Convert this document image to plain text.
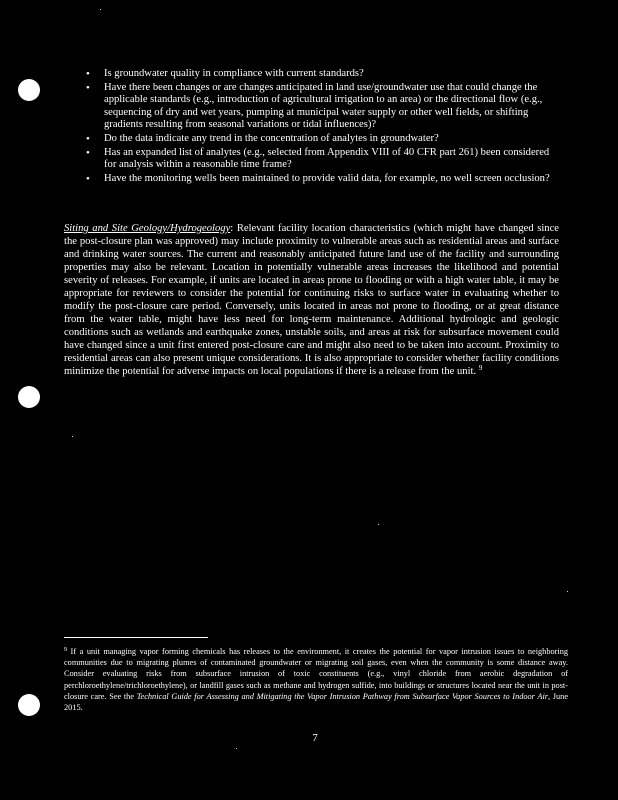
• Is groundwater quality in compliance with current standards?
• Have there been changes or are changes anticipated in land use/groundwater use that could change the applicable standards (e.g., introduction of agricultural irrigation to an area) or the directional flow (e.g., sequencing of dry and wet years, pumping at municipal water supply or other well fields, or shifting gradients resulting from seasonal variations or tidal influences)?
• Do the data indicate any trend in the concentration of analytes in groundwater?
• Has an expanded list of analytes (e.g., selected from Appendix VIII of 40 CFR part 261) been considered for analysis within a reasonable time frame?
• Have the monitoring wells been maintained to provide valid data, for example, no well screen occlusion?

Siting and Site Geology/Hydrogeology: Relevant facility location characteristics (which might have changed since the post-closure plan was approved) may include proximity to vulnerable areas such as residential areas and surface and drinking water sources. The current and reasonably anticipated future land use of the facility and surrounding properties may also be relevant. Location in potentially vulnerable areas increases the likelihood and potential severity of releases. For example, if units are located in areas prone to flooding or with a high water table, it may be appropriate for reviewers to consider the potential for continuing risks to surface water in evaluating whether to modify the post-closure care period. Conversely, units located in areas not prone to flooding, or at great distance from the water table, might have less need for long-term maintenance. Additional hydrologic and geologic conditions such as wetlands and earthquake zones, unstable soils, and areas at risk for subsurface movement could have changed since a unit first entered post-closure care and might also need to be taken into account. Proximity to residential areas can also present unique considerations. It is also appropriate to consider whether facility conditions minimize the potential for adverse impacts on local populations if there is a release from the unit. $^9$

$^9$ If a unit managing vapor forming chemicals has releases to the environment, it creates the potential for vapor intrusion issues to neighboring communities due to migrating plumes of contaminated groundwater or migrating soil gases, even when the community is some distance away. Consider evaluating risks from subsurface intrusion of toxic constituents (e.g., vinyl chloride from aerobic degradation of perchloroethylene/trichloroethylene), or landfill gases such as methane and hydrogen sulfide, into buildings or structures located near the unit in post-closure care. See the Technical Guide for Assessing and Mitigating the Vapor Intrusion Pathway from Subsurface Vapor Sources to Indoor Air, June 2015.

7
